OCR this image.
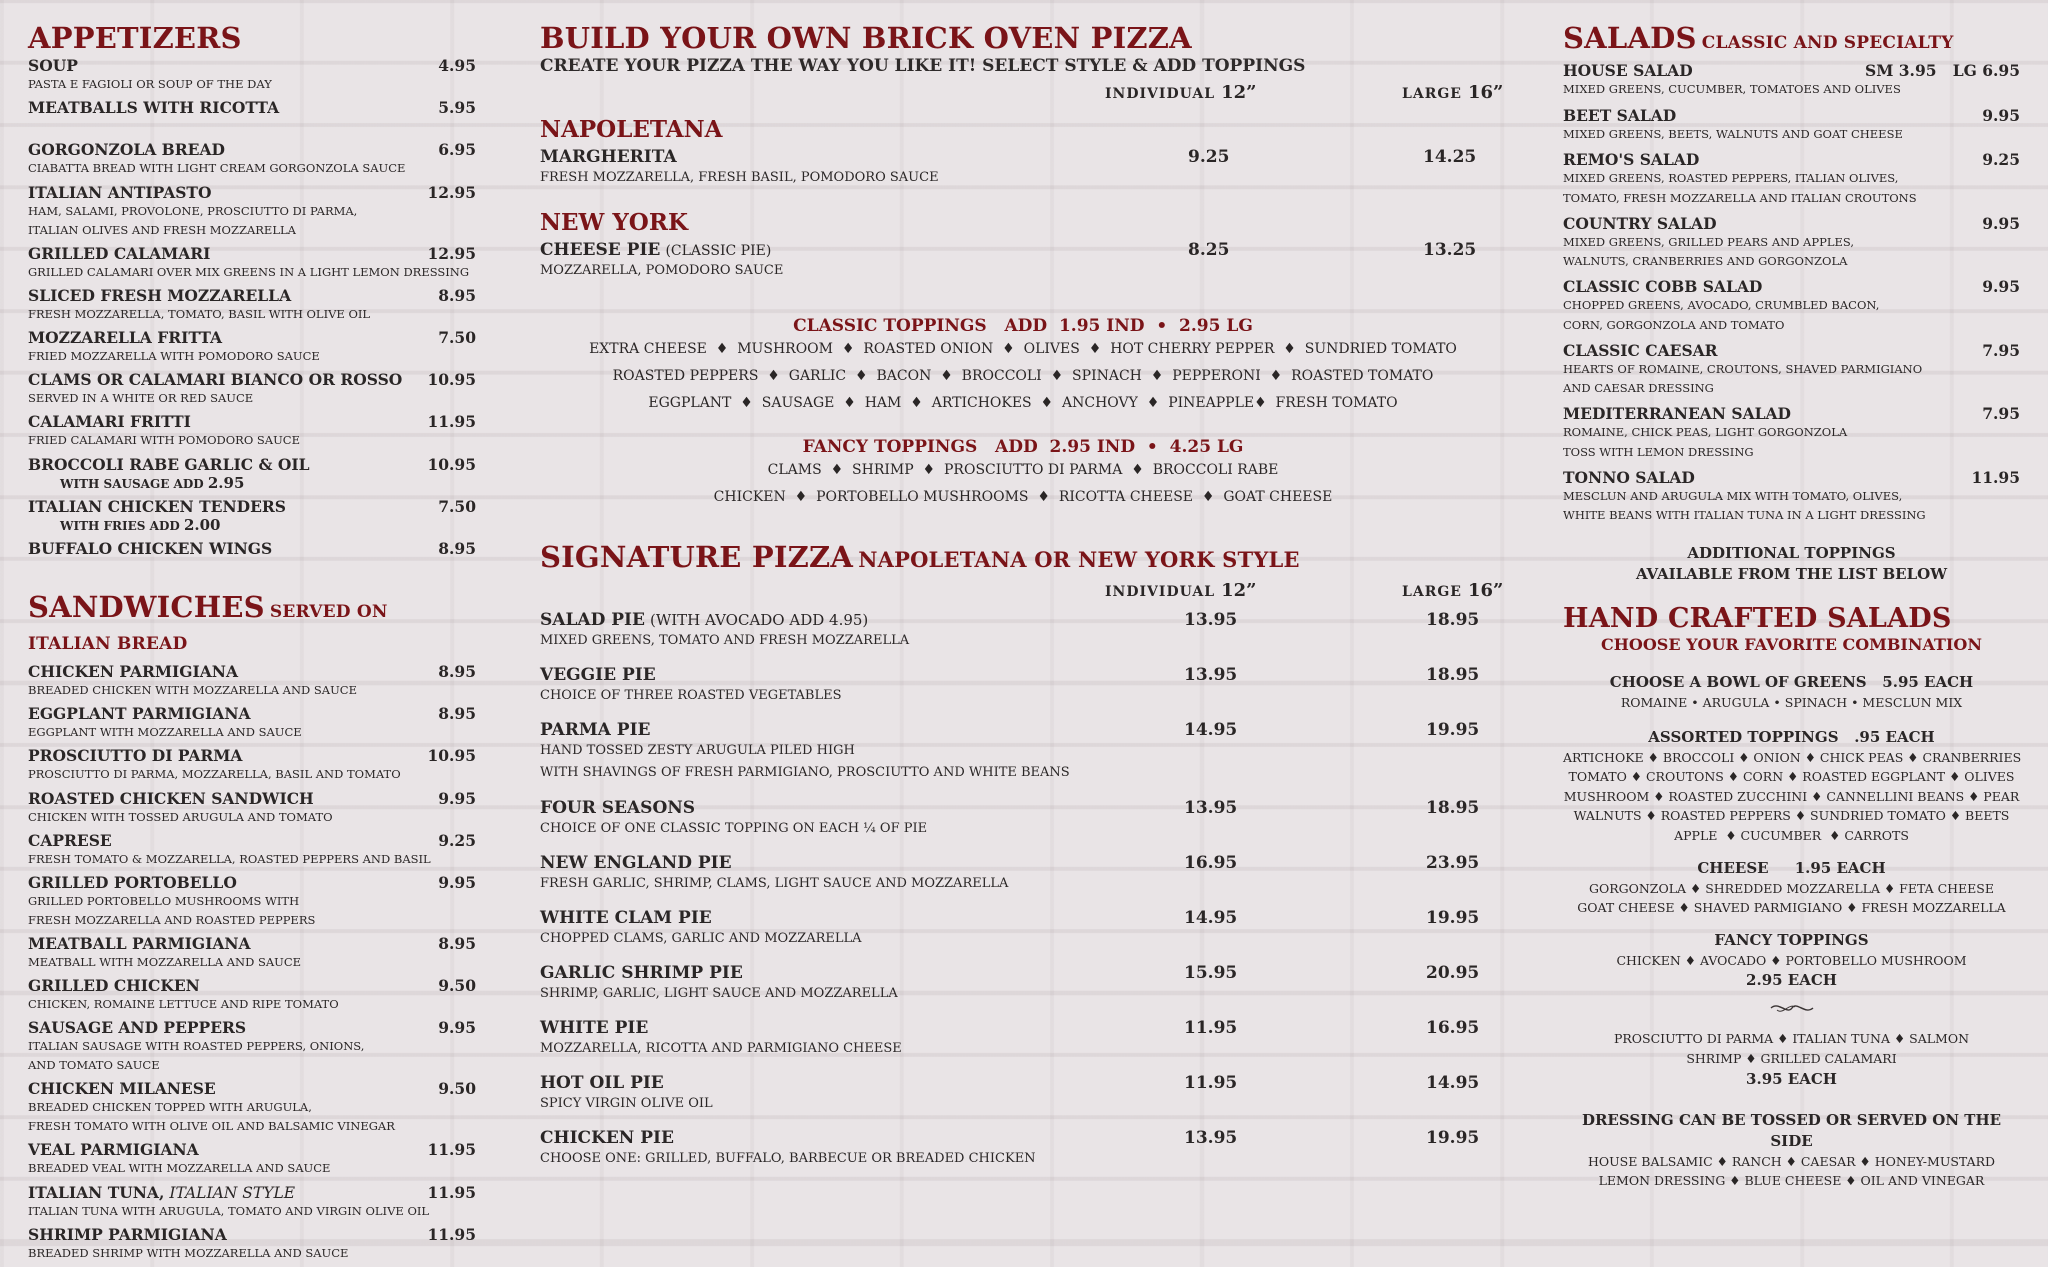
APPETIZERS
SOUP	4.95
PASTA E FAGIOLI OR SOUP OF THE DAY
MEATBALLS WITH RICOTTA	5.95
GORGONZOLA BREAD	6.95
CIABATTA BREAD WITH LIGHT CREAM GORGONZOLA SAUCE
ITALIAN ANTIPASTO	12.95
HAM, SALAMI, PROVOLONE, PROSCIUTTO DI PARMA,
ITALIAN OLIVES AND FRESH MOZZARELLA
GRILLED CALAMARI	12.95
GRILLED CALAMARI OVER MIX GREENS IN A LIGHT LEMON DRESSING
SLICED FRESH MOZZARELLA	8.95
FRESH MOZZARELLA, TOMATO, BASIL WITH OLIVE OIL
MOZZARELLA FRITTA	7.50
FRIED MOZZARELLA WITH POMODORO SAUCE
CLAMS OR CALAMARI BIANCO OR ROSSO 10.95
SERVED IN A WHITE OR RED SAUCE
CALAMARI FRITTI	11.95
FRIED CALAMARI WITH POMODORO SAUCE
BROCCOLI RABE GARLIC & OIL	10.95
WITH SAUSAGE ADD 2.95
ITALIAN CHICKEN TENDERS	7.50
WITH FRIES ADD 2.00
BUFFALO CHICKEN WINGS	8.95
SANDWICHES SERVED ON ITALIAN BREAD
CHICKEN PARMIGIANA	8.95
BREADED CHICKEN WITH MOZZARELLA AND SAUCE
EGGPLANT PARMIGIANA	8.95
EGGPLANT WITH MOZZARELLA AND SAUCE
PROSCIUTTO DI PARMA	10.95
PROSCIUTTO DI PARMA, MOZZARELLA, BASIL AND TOMATO
ROASTED CHICKEN SANDWICH	9.95
CHICKEN WITH TOSSED ARUGULA AND TOMATO
CAPRESE	9.25
FRESH TOMATO & MOZZARELLA, ROASTED PEPPERS AND BASIL
GRILLED PORTOBELLO	9.95
GRILLED PORTOBELLO MUSHROOMS WITH
FRESH MOZZARELLA AND ROASTED PEPPERS
MEATBALL PARMIGIANA	8.95
MEATBALL WITH MOZZARELLA AND SAUCE
GRILLED CHICKEN	9.50
CHICKEN, ROMAINE LETTUCE AND RIPE TOMATO
SAUSAGE AND PEPPERS	9.95
ITALIAN SAUSAGE WITH ROASTED PEPPERS, ONIONS,
AND TOMATO SAUCE
CHICKEN MILANESE	9.50
BREADED CHICKEN TOPPED WITH ARUGULA,
FRESH TOMATO WITH OLIVE OIL AND BALSAMIC VINEGAR
VEAL PARMIGIANA	11.95
BREADED VEAL WITH MOZZARELLA AND SAUCE
ITALIAN TUNA, ITALIAN STYLE	11.95
ITALIAN TUNA WITH ARUGULA, TOMATO AND VIRGIN OLIVE OIL
SHRIMP PARMIGIANA	11.95
BREADED SHRIMP WITH MOZZARELLA AND SAUCE
BUILD YOUR OWN BRICK OVEN PIZZA
CREATE YOUR PIZZA THE WAY YOU LIKE IT! SELECT STYLE & ADD TOPPINGS
INDIVIDUAL 12”	LARGE 16”
NAPOLETANA
MARGHERITA
FRESH MOZZARELLA, FRESH BASIL, POMODORO SAUCE
9.25	14.25
NEW YORK
CHEESE PIE (CLASSIC PIE)
MOZZARELLA, POMODORO SAUCE
8.25	13.25
CLASSIC TOPPINGS   ADD  1.95 IND  •  2.95 LG
EXTRA CHEESE  ♦  MUSHROOM  ♦  ROASTED ONION  ♦  OLIVES  ♦  HOT CHERRY PEPPER  ♦  SUNDRIED TOMATO
ROASTED PEPPERS  ♦  GARLIC  ♦  BACON  ♦  BROCCOLI  ♦  SPINACH  ♦  PEPPERONI  ♦  ROASTED TOMATO
EGGPLANT  ♦  SAUSAGE  ♦  HAM  ♦  ARTICHOKES  ♦  ANCHOVY  ♦  PINEAPPLE♦  FRESH TOMATO
FANCY TOPPINGS   ADD  2.95 IND  •  4.25 LG
CLAMS  ♦  SHRIMP  ♦  PROSCIUTTO DI PARMA  ♦  BROCCOLI RABE
CHICKEN  ♦  PORTOBELLO MUSHROOMS  ♦  RICOTTA CHEESE  ♦  GOAT CHEESE
SIGNATURE PIZZA NAPOLETANA OR NEW YORK STYLE
INDIVIDUAL 12”	LARGE 16”
SALAD PIE (WITH AVOCADO ADD 4.95)
MIXED GREENS, TOMATO AND FRESH MOZZARELLA
13.95	18.95
VEGGIE PIE
CHOICE OF THREE ROASTED VEGETABLES
13.95	18.95
PARMA PIE
HAND TOSSED ZESTY ARUGULA PILED HIGH
WITH SHAVINGS OF FRESH PARMIGIANO, PROSCIUTTO AND WHITE BEANS
14.95	19.95
FOUR SEASONS
CHOICE OF ONE CLASSIC TOPPING ON EACH ¼ OF PIE
13.95	18.95
NEW ENGLAND PIE
FRESH GARLIC, SHRIMP, CLAMS, LIGHT SAUCE AND MOZZARELLA
16.95	23.95
WHITE CLAM PIE
CHOPPED CLAMS, GARLIC AND MOZZARELLA
14.95	19.95
GARLIC SHRIMP PIE
SHRIMP, GARLIC, LIGHT SAUCE AND MOZZARELLA
15.95	20.95
WHITE PIE
MOZZARELLA, RICOTTA AND PARMIGIANO CHEESE
11.95	16.95
HOT OIL PIE
SPICY VIRGIN OLIVE OIL
11.95	14.95
CHICKEN PIE
CHOOSE ONE: GRILLED, BUFFALO, BARBECUE OR BREADED CHICKEN
13.95	19.95
SALADS CLASSIC AND SPECIALTY
HOUSE SALAD	SM 3.95   LG 6.95
MIXED GREENS, CUCUMBER, TOMATOES AND OLIVES
BEET SALAD	9.95
MIXED GREENS, BEETS, WALNUTS AND GOAT CHEESE
REMO'S SALAD	9.25
MIXED GREENS, ROASTED PEPPERS, ITALIAN OLIVES,
TOMATO, FRESH MOZZARELLA AND ITALIAN CROUTONS
COUNTRY SALAD	9.95
MIXED GREENS, GRILLED PEARS AND APPLES,
WALNUTS, CRANBERRIES AND GORGONZOLA
CLASSIC COBB SALAD	9.95
CHOPPED GREENS, AVOCADO, CRUMBLED BACON,
CORN, GORGONZOLA AND TOMATO
CLASSIC CAESAR	7.95
HEARTS OF ROMAINE, CROUTONS, SHAVED PARMIGIANO
AND CAESAR DRESSING
MEDITERRANEAN SALAD	7.95
ROMAINE, CHICK PEAS, LIGHT GORGONZOLA
TOSS WITH LEMON DRESSING
TONNO SALAD	11.95
MESCLUN AND ARUGULA MIX WITH TOMATO, OLIVES,
WHITE BEANS WITH ITALIAN TUNA IN A LIGHT DRESSING
ADDITIONAL TOPPINGS
AVAILABLE FROM THE LIST BELOW
HAND CRAFTED SALADS
CHOOSE YOUR FAVORITE COMBINATION
CHOOSE A BOWL OF GREENS   5.95 EACH
ROMAINE • ARUGULA • SPINACH • MESCLUN MIX
ASSORTED TOPPINGS   .95 EACH
ARTICHOKE ♦ BROCCOLI ♦ ONION ♦ CHICK PEAS ♦ CRANBERRIES
TOMATO ♦ CROUTONS ♦ CORN ♦ ROASTED EGGPLANT ♦ OLIVES
MUSHROOM ♦ ROASTED ZUCCHINI ♦ CANNELLINI BEANS ♦ PEAR
WALNUTS ♦ ROASTED PEPPERS ♦ SUNDRIED TOMATO ♦ BEETS
APPLE  ♦ CUCUMBER  ♦ CARROTS
CHEESE     1.95 EACH
GORGONZOLA ♦ SHREDDED MOZZARELLA ♦ FETA CHEESE
GOAT CHEESE ♦ SHAVED PARMIGIANO ♦ FRESH MOZZARELLA
FANCY TOPPINGS
CHICKEN ♦ AVOCADO ♦ PORTOBELLO MUSHROOM
2.95 EACH
PROSCIUTTO DI PARMA ♦ ITALIAN TUNA ♦ SALMON
SHRIMP ♦ GRILLED CALAMARI
3.95 EACH
DRESSING CAN BE TOSSED OR SERVED ON THE SIDE
HOUSE BALSAMIC ♦ RANCH ♦ CAESAR ♦ HONEY-MUSTARD
LEMON DRESSING ♦ BLUE CHEESE ♦ OIL AND VINEGAR
